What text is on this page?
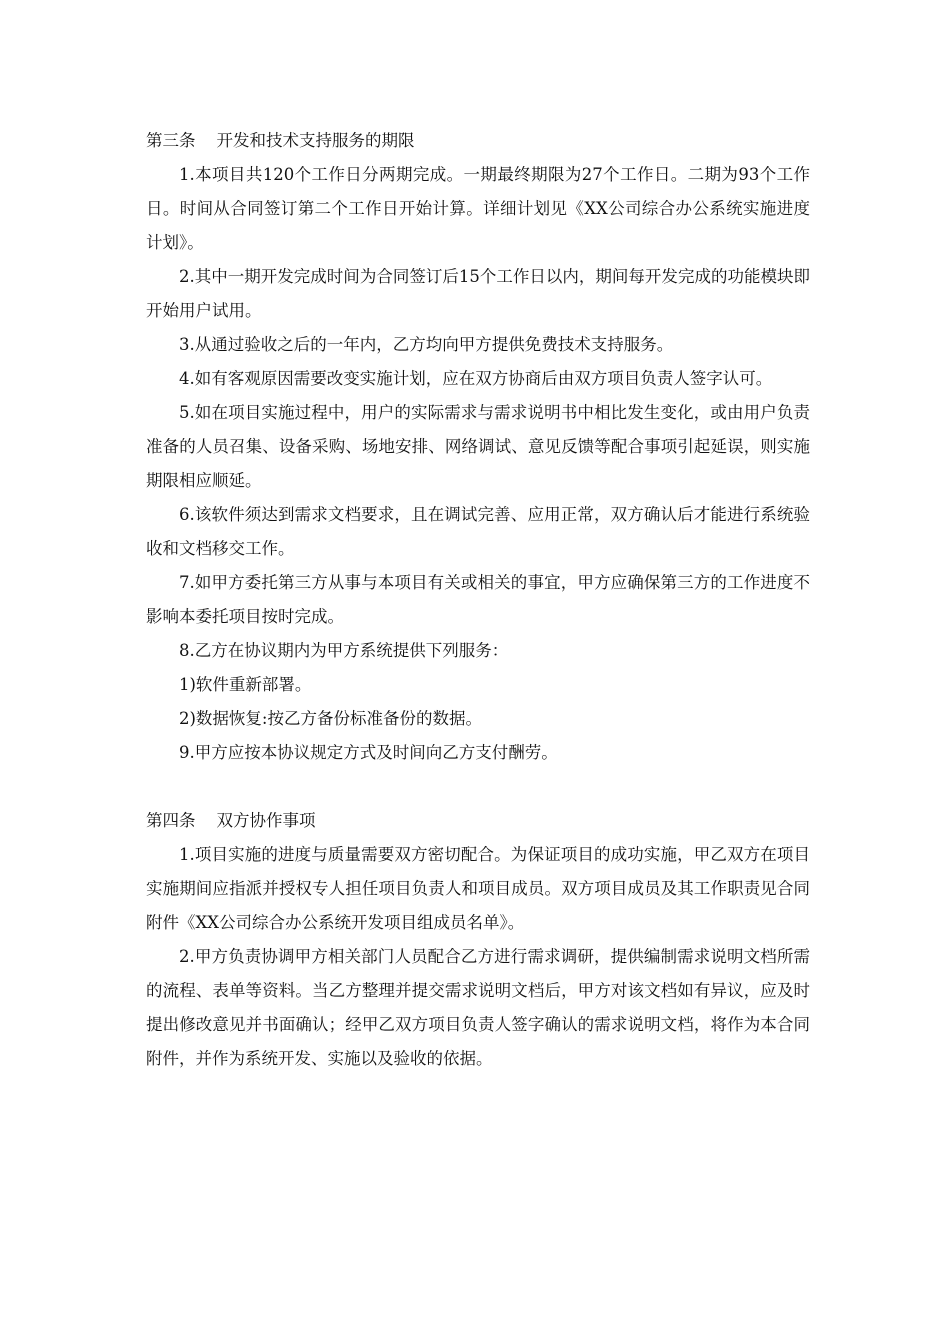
第三条    开发和技术支持服务的期限

1.本项目共120个工作日分两期完成。一期最终期限为27个工作日。二期为93个工作日。时间从合同签订第二个工作日开始计算。详细计划见《XX公司综合办公系统实施进度计划》。

2.其中一期开发完成时间为合同签订后15个工作日以内，期间每开发完成的功能模块即开始用户试用。

3.从通过验收之后的一年内，乙方均向甲方提供免费技术支持服务。

4.如有客观原因需要改变实施计划，应在双方协商后由双方项目负责人签字认可。

5.如在项目实施过程中，用户的实际需求与需求说明书中相比发生变化，或由用户负责准备的人员召集、设备采购、场地安排、网络调试、意见反馈等配合事项引起延误，则实施期限相应顺延。

6.该软件须达到需求文档要求，且在调试完善、应用正常，双方确认后才能进行系统验收和文档移交工作。

7.如甲方委托第三方从事与本项目有关或相关的事宜，甲方应确保第三方的工作进度不影响本委托项目按时完成。

8.乙方在协议期内为甲方系统提供下列服务：

1)软件重新部署。

2)数据恢复:按乙方备份标准备份的数据。

9.甲方应按本协议规定方式及时间向乙方支付酬劳。

第四条    双方协作事项

1.项目实施的进度与质量需要双方密切配合。为保证项目的成功实施，甲乙双方在项目实施期间应指派并授权专人担任项目负责人和项目成员。双方项目成员及其工作职责见合同附件《XX公司综合办公系统开发项目组成员名单》。

2.甲方负责协调甲方相关部门人员配合乙方进行需求调研，提供编制需求说明文档所需的流程、表单等资料。当乙方整理并提交需求说明文档后，甲方对该文档如有异议，应及时提出修改意见并书面确认；经甲乙双方项目负责人签字确认的需求说明文档，将作为本合同附件，并作为系统开发、实施以及验收的依据。
